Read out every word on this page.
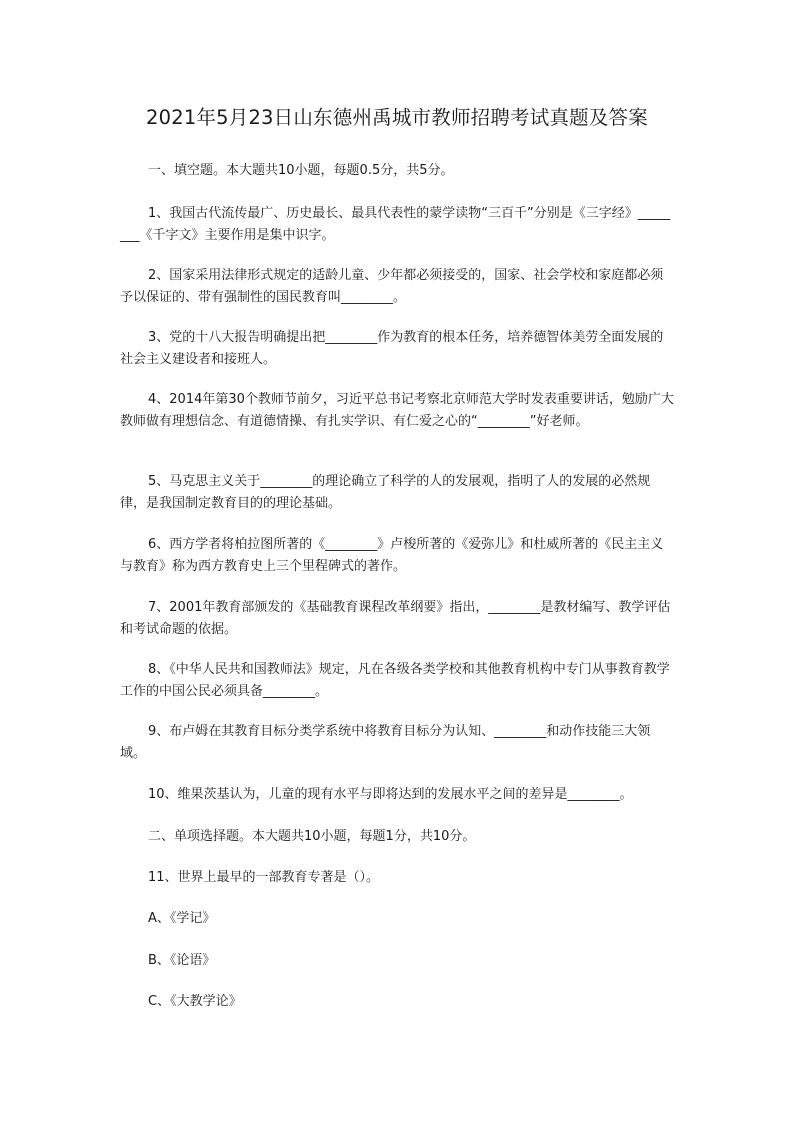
2021年5月23日山东德州禹城市教师招聘考试真题及答案
一、填空题。本大题共10小题，每题0.5分，共5分。
1、我国古代流传最广、历史最长、最具代表性的蒙学读物“三百千”分别是《三字经》________《千字文》主要作用是集中识字。
2、国家采用法律形式规定的适龄儿童、少年都必须接受的，国家、社会学校和家庭都必须予以保证的、带有强制性的国民教育叫________。
3、党的十八大报告明确提出把________作为教育的根本任务，培养德智体美劳全面发展的社会主义建设者和接班人。
4、2014年第30个教师节前夕，习近平总书记考察北京师范大学时发表重要讲话，勉励广大教师做有理想信念、有道德情操、有扎实学识、有仁爱之心的“________”好老师。
5、马克思主义关于________的理论确立了科学的人的发展观，指明了人的发展的必然规律，是我国制定教育目的的理论基础。
6、西方学者将柏拉图所著的《________》卢梭所著的《爱弥儿》和杜威所著的《民主主义与教育》称为西方教育史上三个里程碑式的著作。
7、2001年教育部颁发的《基础教育课程改革纲要》指出，________是教材编写、教学评估和考试命题的依据。
8、《中华人民共和国教师法》规定，凡在各级各类学校和其他教育机构中专门从事教育教学工作的中国公民必须具备________。
9、布卢姆在其教育目标分类学系统中将教育目标分为认知、________和动作技能三大领域。
10、维果茨基认为，儿童的现有水平与即将达到的发展水平之间的差异是________。
二、单项选择题。本大题共10小题，每题1分，共10分。
11、世界上最早的一部教育专著是（）。
A、《学记》
B、《论语》
C、《大教学论》
